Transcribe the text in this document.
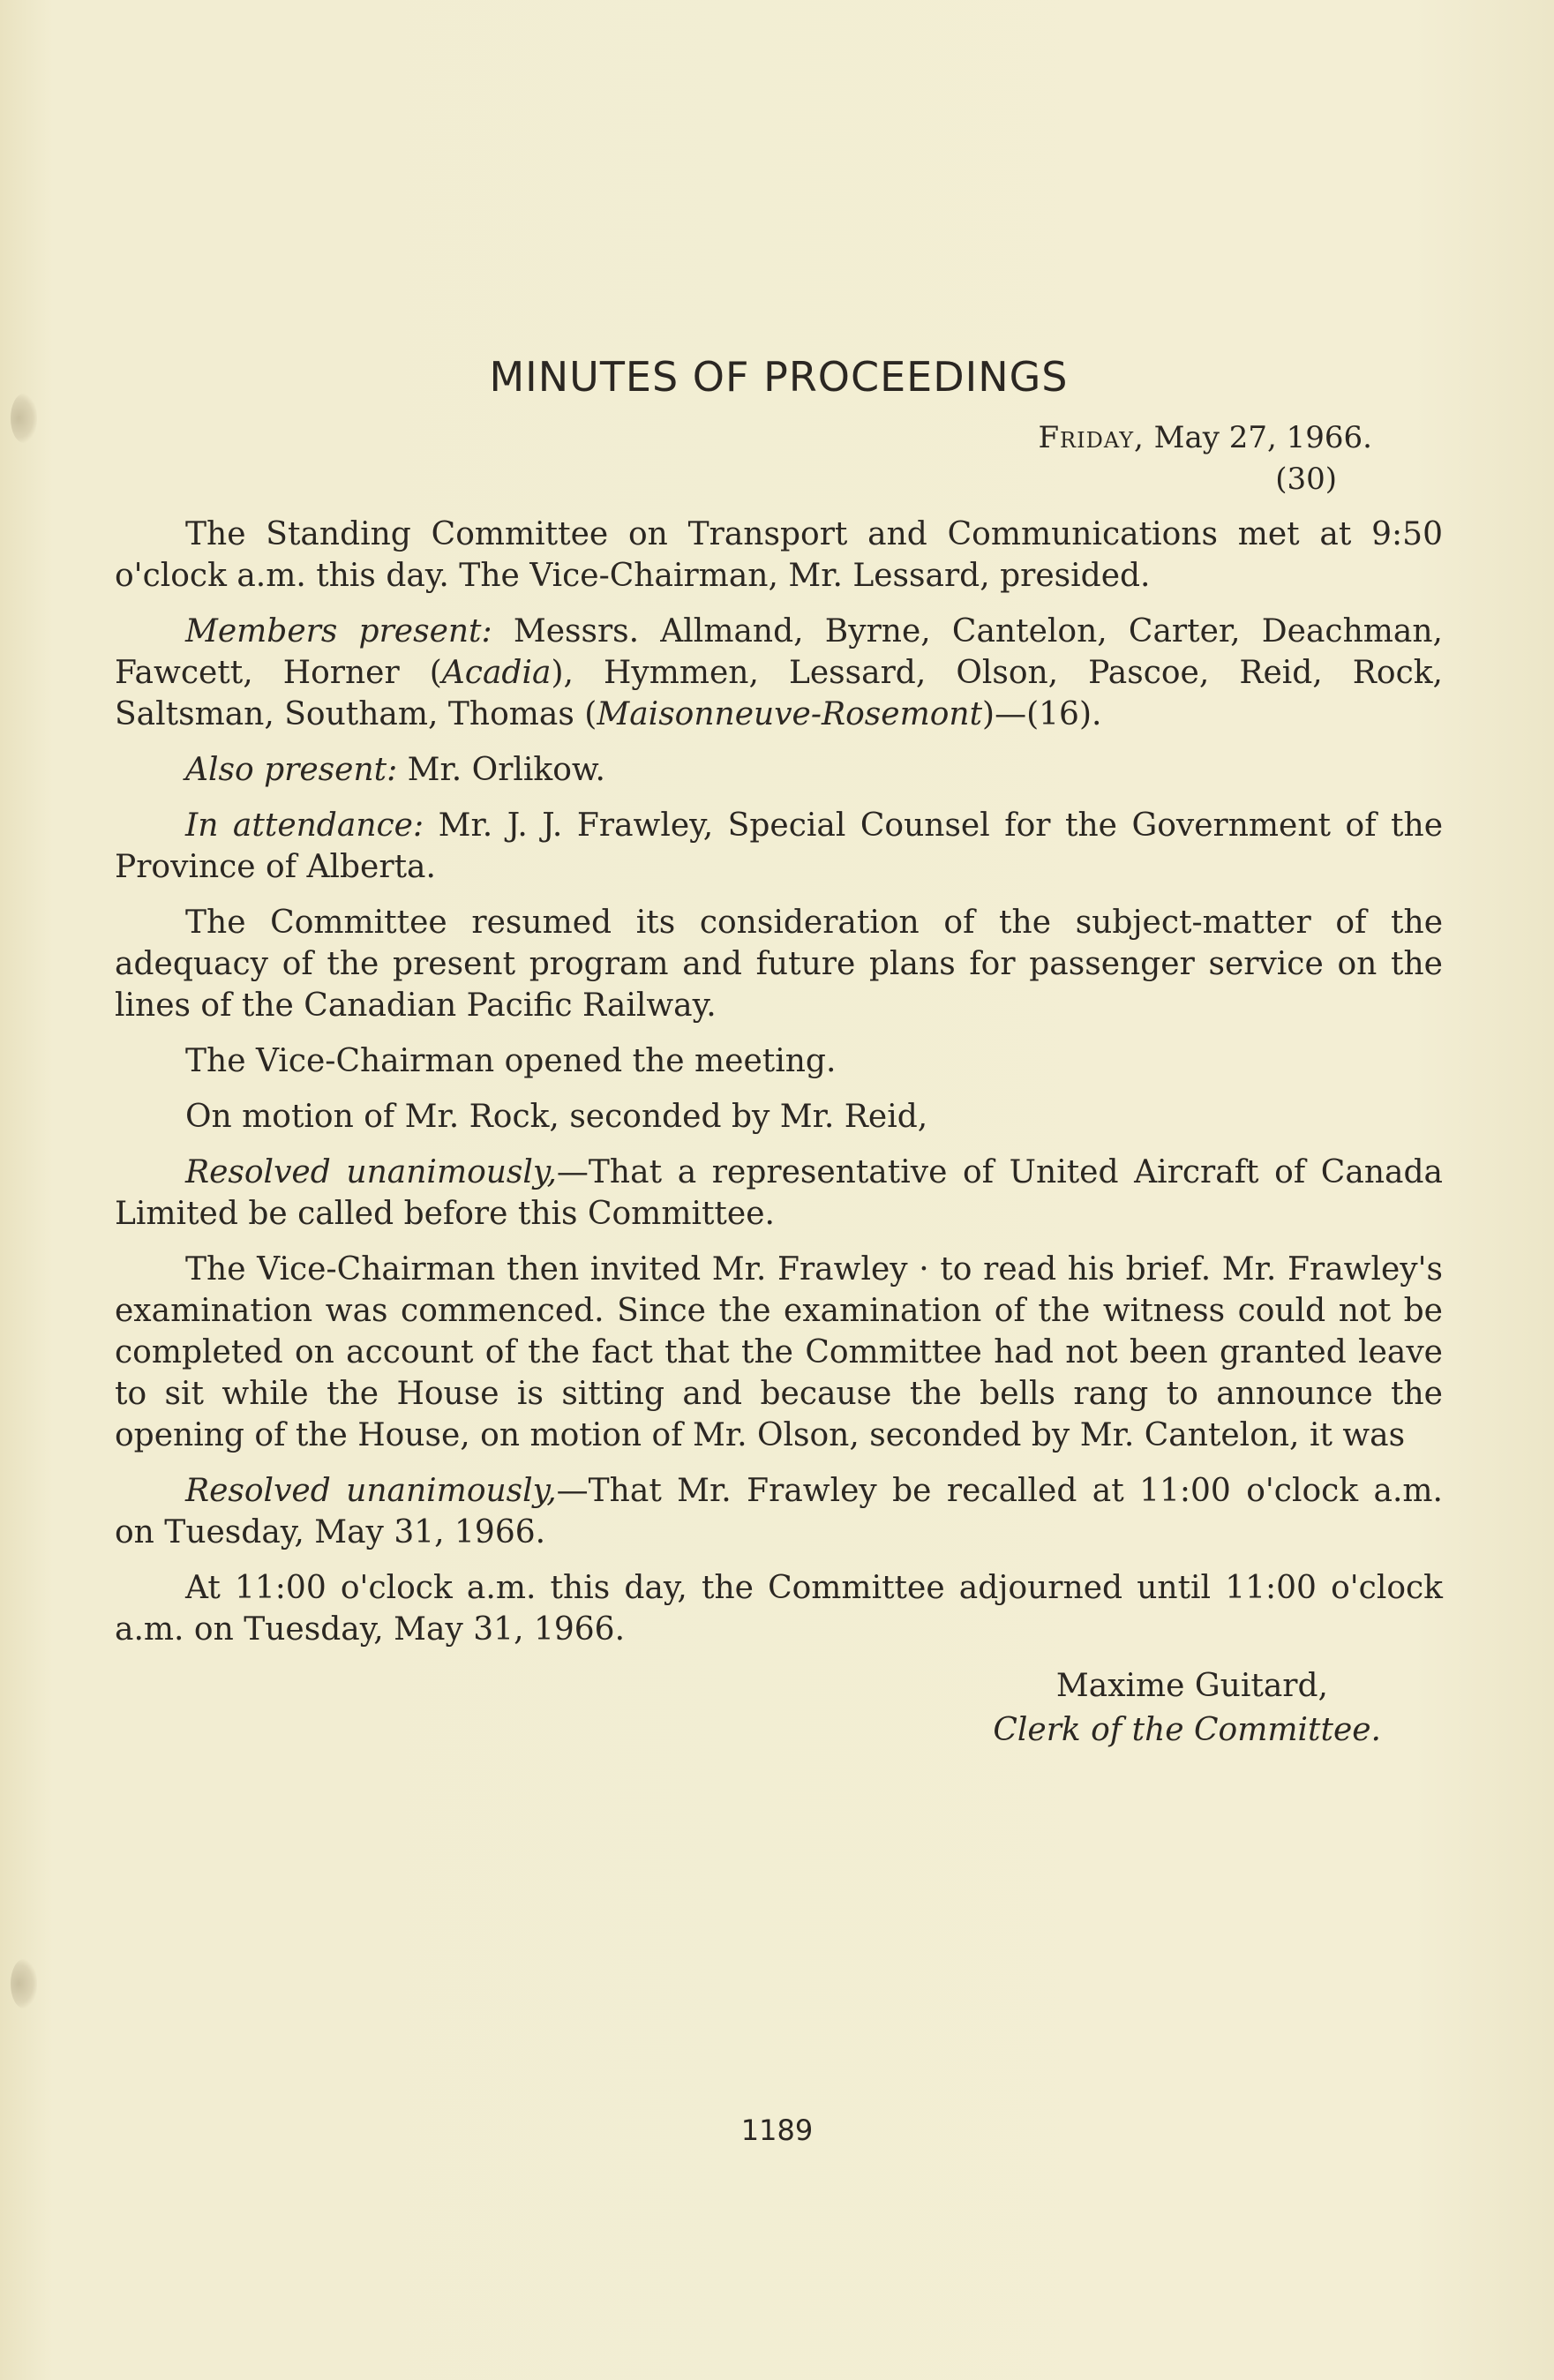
MINUTES OF PROCEEDINGS
Friday, May 27, 1966.
(30)

The Standing Committee on Transport and Communications met at 9:50 o'clock a.m. this day. The Vice-Chairman, Mr. Lessard, presided.

Members present: Messrs. Allmand, Byrne, Cantelon, Carter, Deachman, Fawcett, Horner (Acadia), Hymmen, Lessard, Olson, Pascoe, Reid, Rock, Saltsman, Southam, Thomas (Maisonneuve-Rosemont)—(16).

Also present: Mr. Orlikow.

In attendance: Mr. J. J. Frawley, Special Counsel for the Government of the Province of Alberta.

The Committee resumed its consideration of the subject-matter of the adequacy of the present program and future plans for passenger service on the lines of the Canadian Pacific Railway.

The Vice-Chairman opened the meeting.

On motion of Mr. Rock, seconded by Mr. Reid,

Resolved unanimously,—That a representative of United Aircraft of Canada Limited be called before this Committee.

The Vice-Chairman then invited Mr. Frawley · to read his brief. Mr. Frawley's examination was commenced. Since the examination of the witness could not be completed on account of the fact that the Committee had not been granted leave to sit while the House is sitting and because the bells rang to announce the opening of the House, on motion of Mr. Olson, seconded by Mr. Cantelon, it was

Resolved unanimously,—That Mr. Frawley be recalled at 11:00 o'clock a.m. on Tuesday, May 31, 1966.

At 11:00 o'clock a.m. this day, the Committee adjourned until 11:00 o'clock a.m. on Tuesday, May 31, 1966.

Maxime Guitard,
Clerk of the Committee.
1189
